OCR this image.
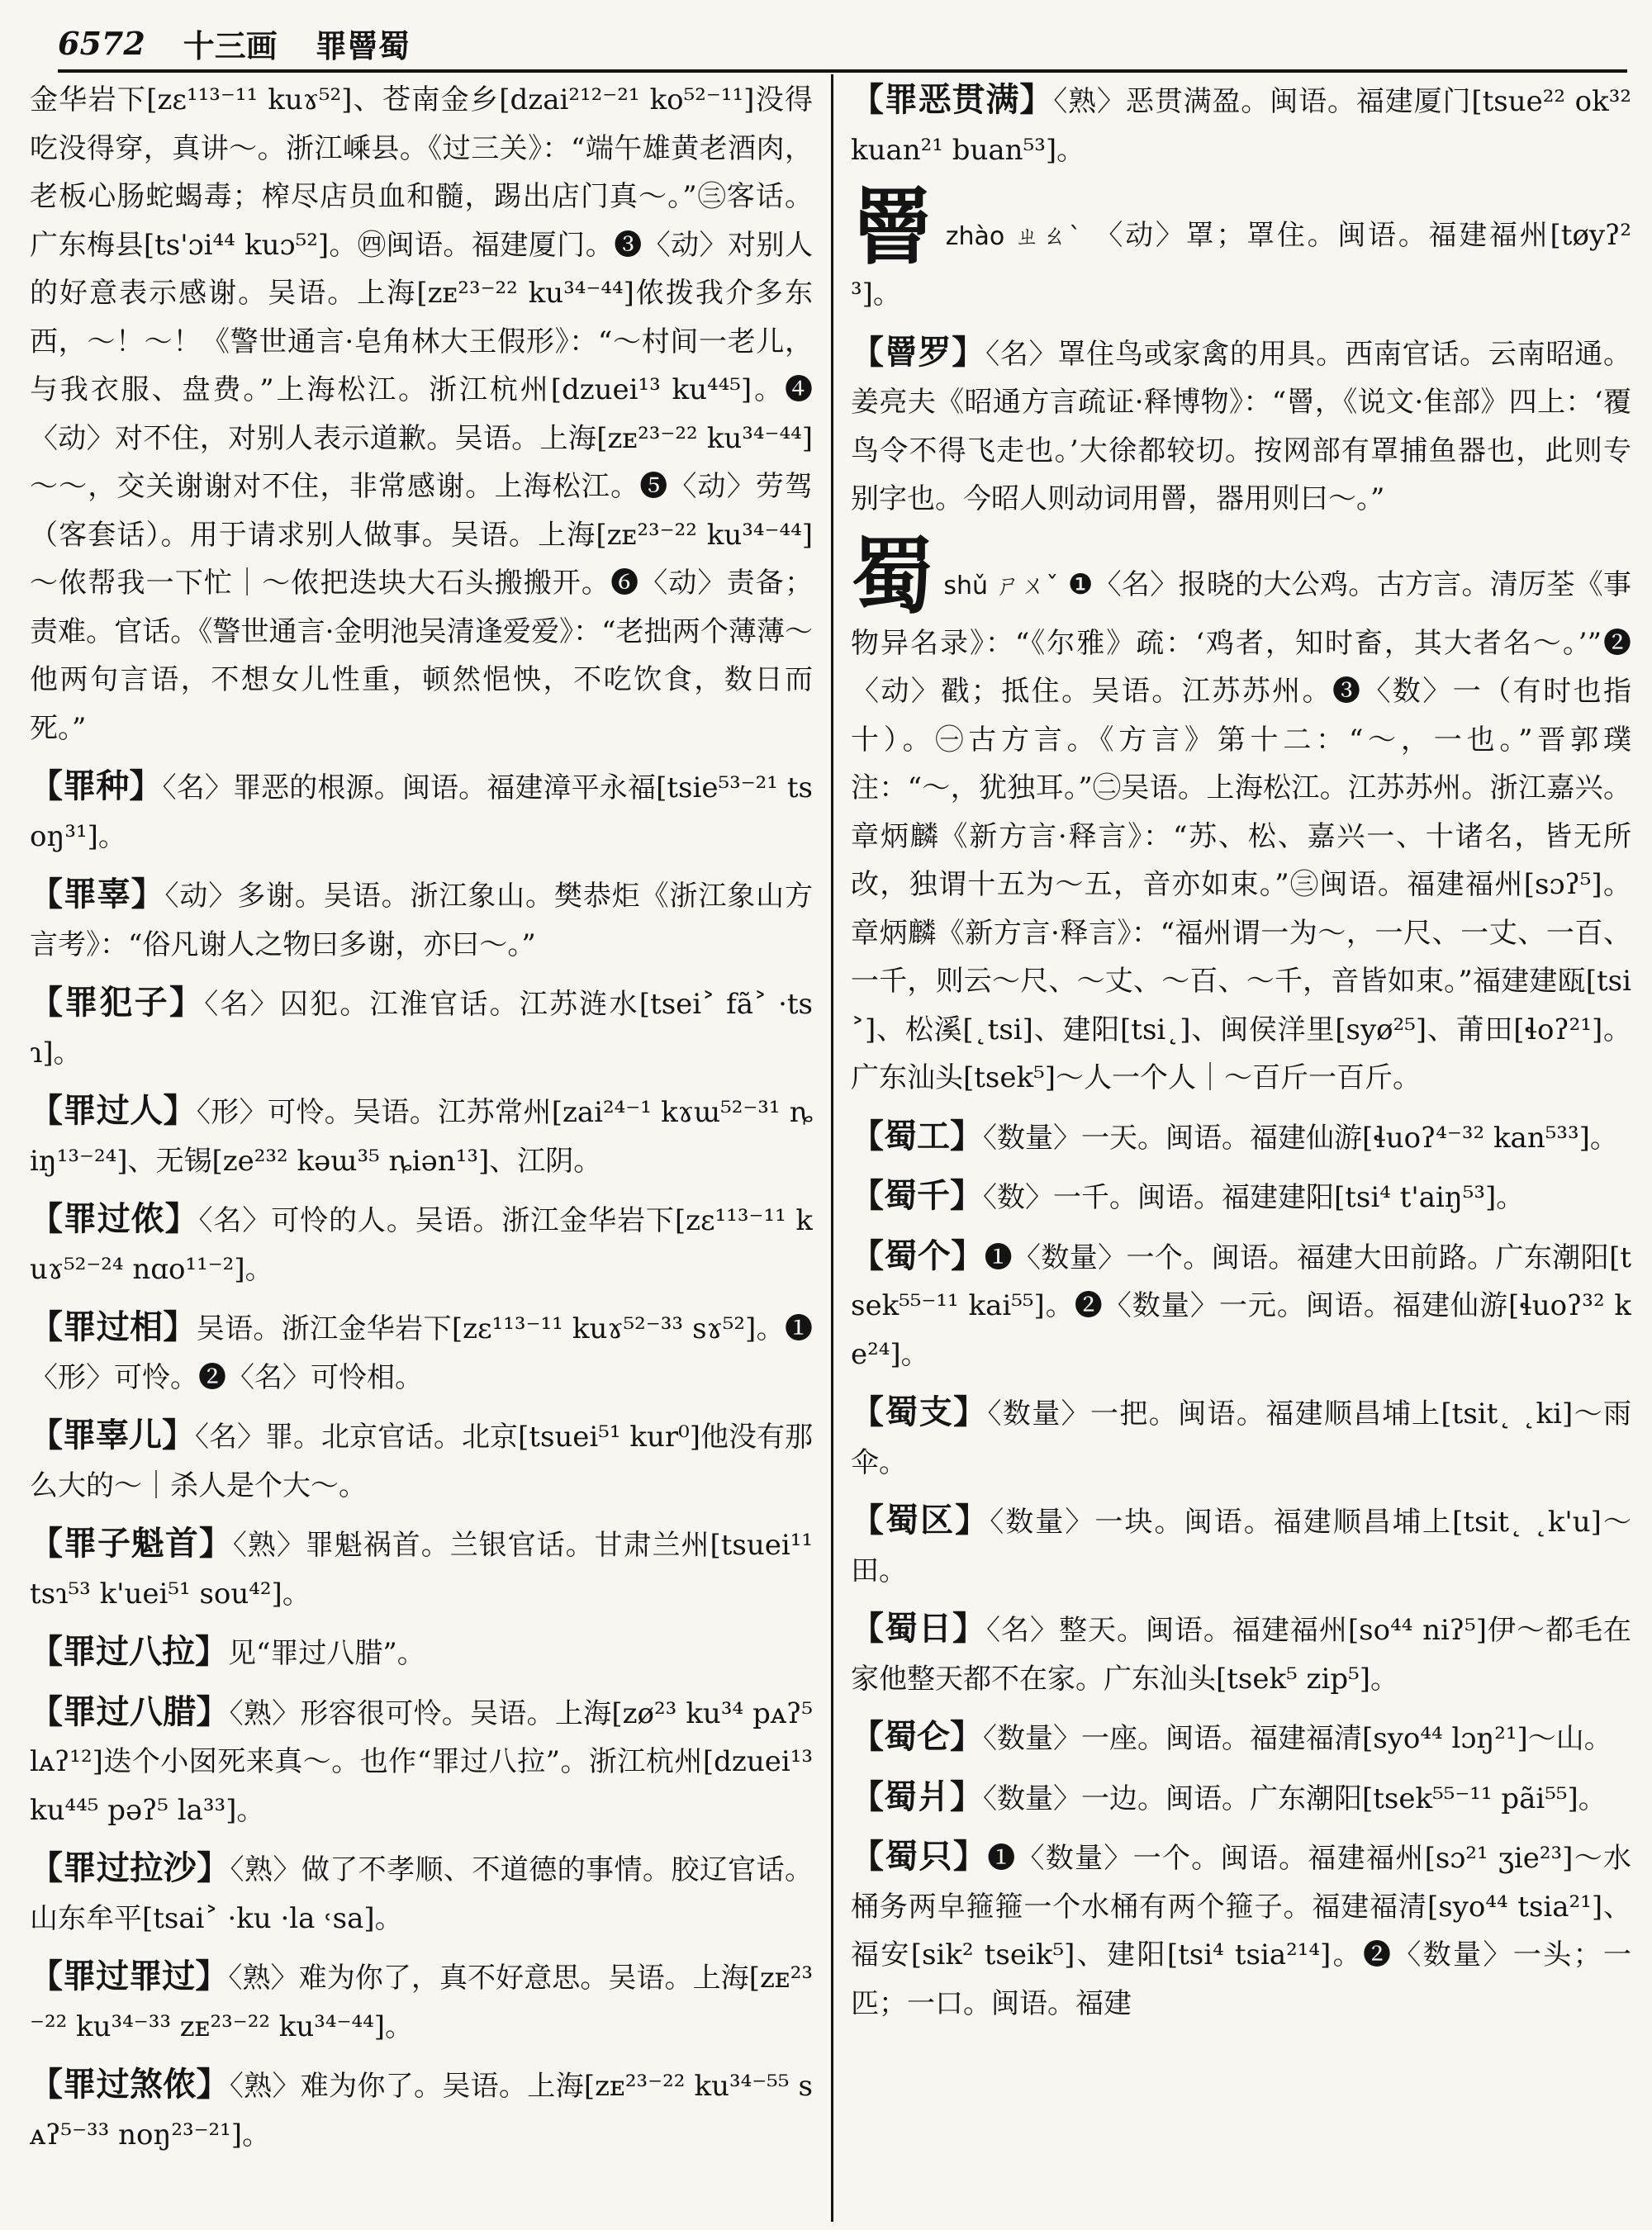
6572 十三画 罪罾蜀

金华岩下[zɛ¹¹³⁻¹¹ kuɤ⁵²]、苍南金乡[dzai²¹²⁻²¹ ko⁵²⁻¹¹]没得吃没得穿，真讲～。浙江嵊县。《过三关》：“端午雄黄老酒肉，老板心肠蛇蝎毒；榨尽店员血和髓，踢出店门真～。”㊂客话。广东梅县[ts'ɔi⁴⁴ kuɔ⁵²]。㊃闽语。福建厦门。❸〈动〉对别人的好意表示感谢。吴语。上海[zᴇ²³⁻²² ku³⁴⁻⁴⁴]侬拨我介多东西，～！～！《警世通言·皂角林大王假形》：“～村间一老儿，与我衣服、盘费。”上海松江。浙江杭州[dzuei¹³ ku⁴⁴⁵]。❹〈动〉对不住，对别人表示道歉。吴语。上海[zᴇ²³⁻²² ku³⁴⁻⁴⁴]～～，交关谢谢对不住，非常感谢。上海松江。❺〈动〉劳驾（客套话）。用于请求别人做事。吴语。上海[zᴇ²³⁻²² ku³⁴⁻⁴⁴]～侬帮我一下忙｜～侬把迭块大石头搬搬开。❻〈动〉责备；责难。官话。《警世通言·金明池吴清逢爱爱》：“老拙两个薄薄～他两句言语，不想女儿性重，顿然悒怏，不吃饮食，数日而死。”

【罪种】〈名〉罪恶的根源。闽语。福建漳平永福[tsie⁵³⁻²¹ tsoŋ³¹]。

【罪辜】〈动〉多谢。吴语。浙江象山。樊恭炬《浙江象山方言考》：“俗凡谢人之物曰多谢，亦曰～。”

【罪犯子】〈名〉囚犯。江淮官话。江苏涟水[tsei˃ fã˃ ·tsɿ]。

【罪过人】〈形〉可怜。吴语。江苏常州[zai²⁴⁻¹ kɤɯ⁵²⁻³¹ ȵiŋ¹³⁻²⁴]、无锡[ze²³² kəɯ³⁵ ȵiən¹³]、江阴。

【罪过侬】〈名〉可怜的人。吴语。浙江金华岩下[zɛ¹¹³⁻¹¹ kuɤ⁵²⁻²⁴ nɑo¹¹⁻²]。

【罪过相】吴语。浙江金华岩下[zɛ¹¹³⁻¹¹ kuɤ⁵²⁻³³ sɤ⁵²]。❶〈形〉可怜。❷〈名〉可怜相。

【罪辜儿】〈名〉罪。北京官话。北京[tsuei⁵¹ kur⁰]他没有那么大的～｜杀人是个大～。

【罪子魁首】〈熟〉罪魁祸首。兰银官话。甘肃兰州[tsuei¹¹ tsɿ⁵³ k'uei⁵¹ sou⁴²]。

【罪过八拉】见“罪过八腊”。

【罪过八腊】〈熟〉形容很可怜。吴语。上海[zø²³ ku³⁴ pᴀʔ⁵ lᴀʔ¹²]迭个小囡死来真～。也作“罪过八拉”。浙江杭州[dzuei¹³ ku⁴⁴⁵ pəʔ⁵ la³³]。

【罪过拉沙】〈熟〉做了不孝顺、不道德的事情。胶辽官话。山东牟平[tsai˃ ·ku ·la ˓sa]。

【罪过罪过】〈熟〉难为你了，真不好意思。吴语。上海[zᴇ²³⁻²² ku³⁴⁻³³ zᴇ²³⁻²² ku³⁴⁻⁴⁴]。

【罪过煞侬】〈熟〉难为你了。吴语。上海[zᴇ²³⁻²² ku³⁴⁻⁵⁵ sᴀʔ⁵⁻³³ noŋ²³⁻²¹]。

【罪恶贯满】〈熟〉恶贯满盈。闽语。福建厦门[tsue²² ok³² kuan²¹ buan⁵³]。

罾zhào ㄓㄠˋ 〈动〉罩；罩住。闽语。福建福州[tøyʔ²³]。

【罾罗】〈名〉罩住鸟或家禽的用具。西南官话。云南昭通。姜亮夫《昭通方言疏证·释博物》：“罾，《说文·隹部》四上：‘覆鸟令不得飞走也。’大徐都较切。按网部有罩捕鱼器也，此则专别字也。今昭人则动词用罾，器用则曰～。”

蜀shǔ ㄕㄨˇ ❶〈名〉报晓的大公鸡。古方言。清厉荃《事物异名录》：“《尔雅》疏：‘鸡者，知时畜，其大者名～。’”❷〈动〉戳；抵住。吴语。江苏苏州。❸〈数〉一（有时也指十）。㊀古方言。《方言》第十二：“～，一也。”晋郭璞注：“～，犹独耳。”㊁吴语。上海松江。江苏苏州。浙江嘉兴。章炳麟《新方言·释言》：“苏、松、嘉兴一、十诸名，皆无所改，独谓十五为～五，音亦如束。”㊂闽语。福建福州[sɔʔ⁵]。章炳麟《新方言·释言》：“福州谓一为～，一尺、一丈、一百、一千，则云～尺、～丈、～百、～千，音皆如束。”福建建瓯[tsi˃]、松溪[˛tsi]、建阳[tsi˛]、闽侯洋里[syø²⁵]、莆田[ɬoʔ²¹]。广东汕头[tsek⁵]～人一个人｜～百斤一百斤。

【蜀工】〈数量〉一天。闽语。福建仙游[ɬuoʔ⁴⁻³² kan⁵³³]。

【蜀千】〈数〉一千。闽语。福建建阳[tsi⁴ t'aiŋ⁵³]。

【蜀个】❶〈数量〉一个。闽语。福建大田前路。广东潮阳[tsek⁵⁵⁻¹¹ kai⁵⁵]。❷〈数量〉一元。闽语。福建仙游[ɬuoʔ³² ke²⁴]。

【蜀支】〈数量〉一把。闽语。福建顺昌埔上[tsit˛ ˛ki]～雨伞。

【蜀区】〈数量〉一块。闽语。福建顺昌埔上[tsit˛ ˛k'u]～田。

【蜀日】〈名〉整天。闽语。福建福州[so⁴⁴ niʔ⁵]伊～都毛在家他整天都不在家。广东汕头[tsek⁵ zip⁵]。

【蜀仑】〈数量〉一座。闽语。福建福清[syo⁴⁴ lɔŋ²¹]～山。

【蜀爿】〈数量〉一边。闽语。广东潮阳[tsek⁵⁵⁻¹¹ pãi⁵⁵]。

【蜀只】❶〈数量〉一个。闽语。福建福州[sɔ²¹ ʒie²³]～水桶务两皁箍箍一个水桶有两个箍子。福建福清[syo⁴⁴ tsia²¹]、福安[sik² tseik⁵]、建阳[tsi⁴ tsia²¹⁴]。❷〈数量〉一头；一匹；一口。闽语。福建
